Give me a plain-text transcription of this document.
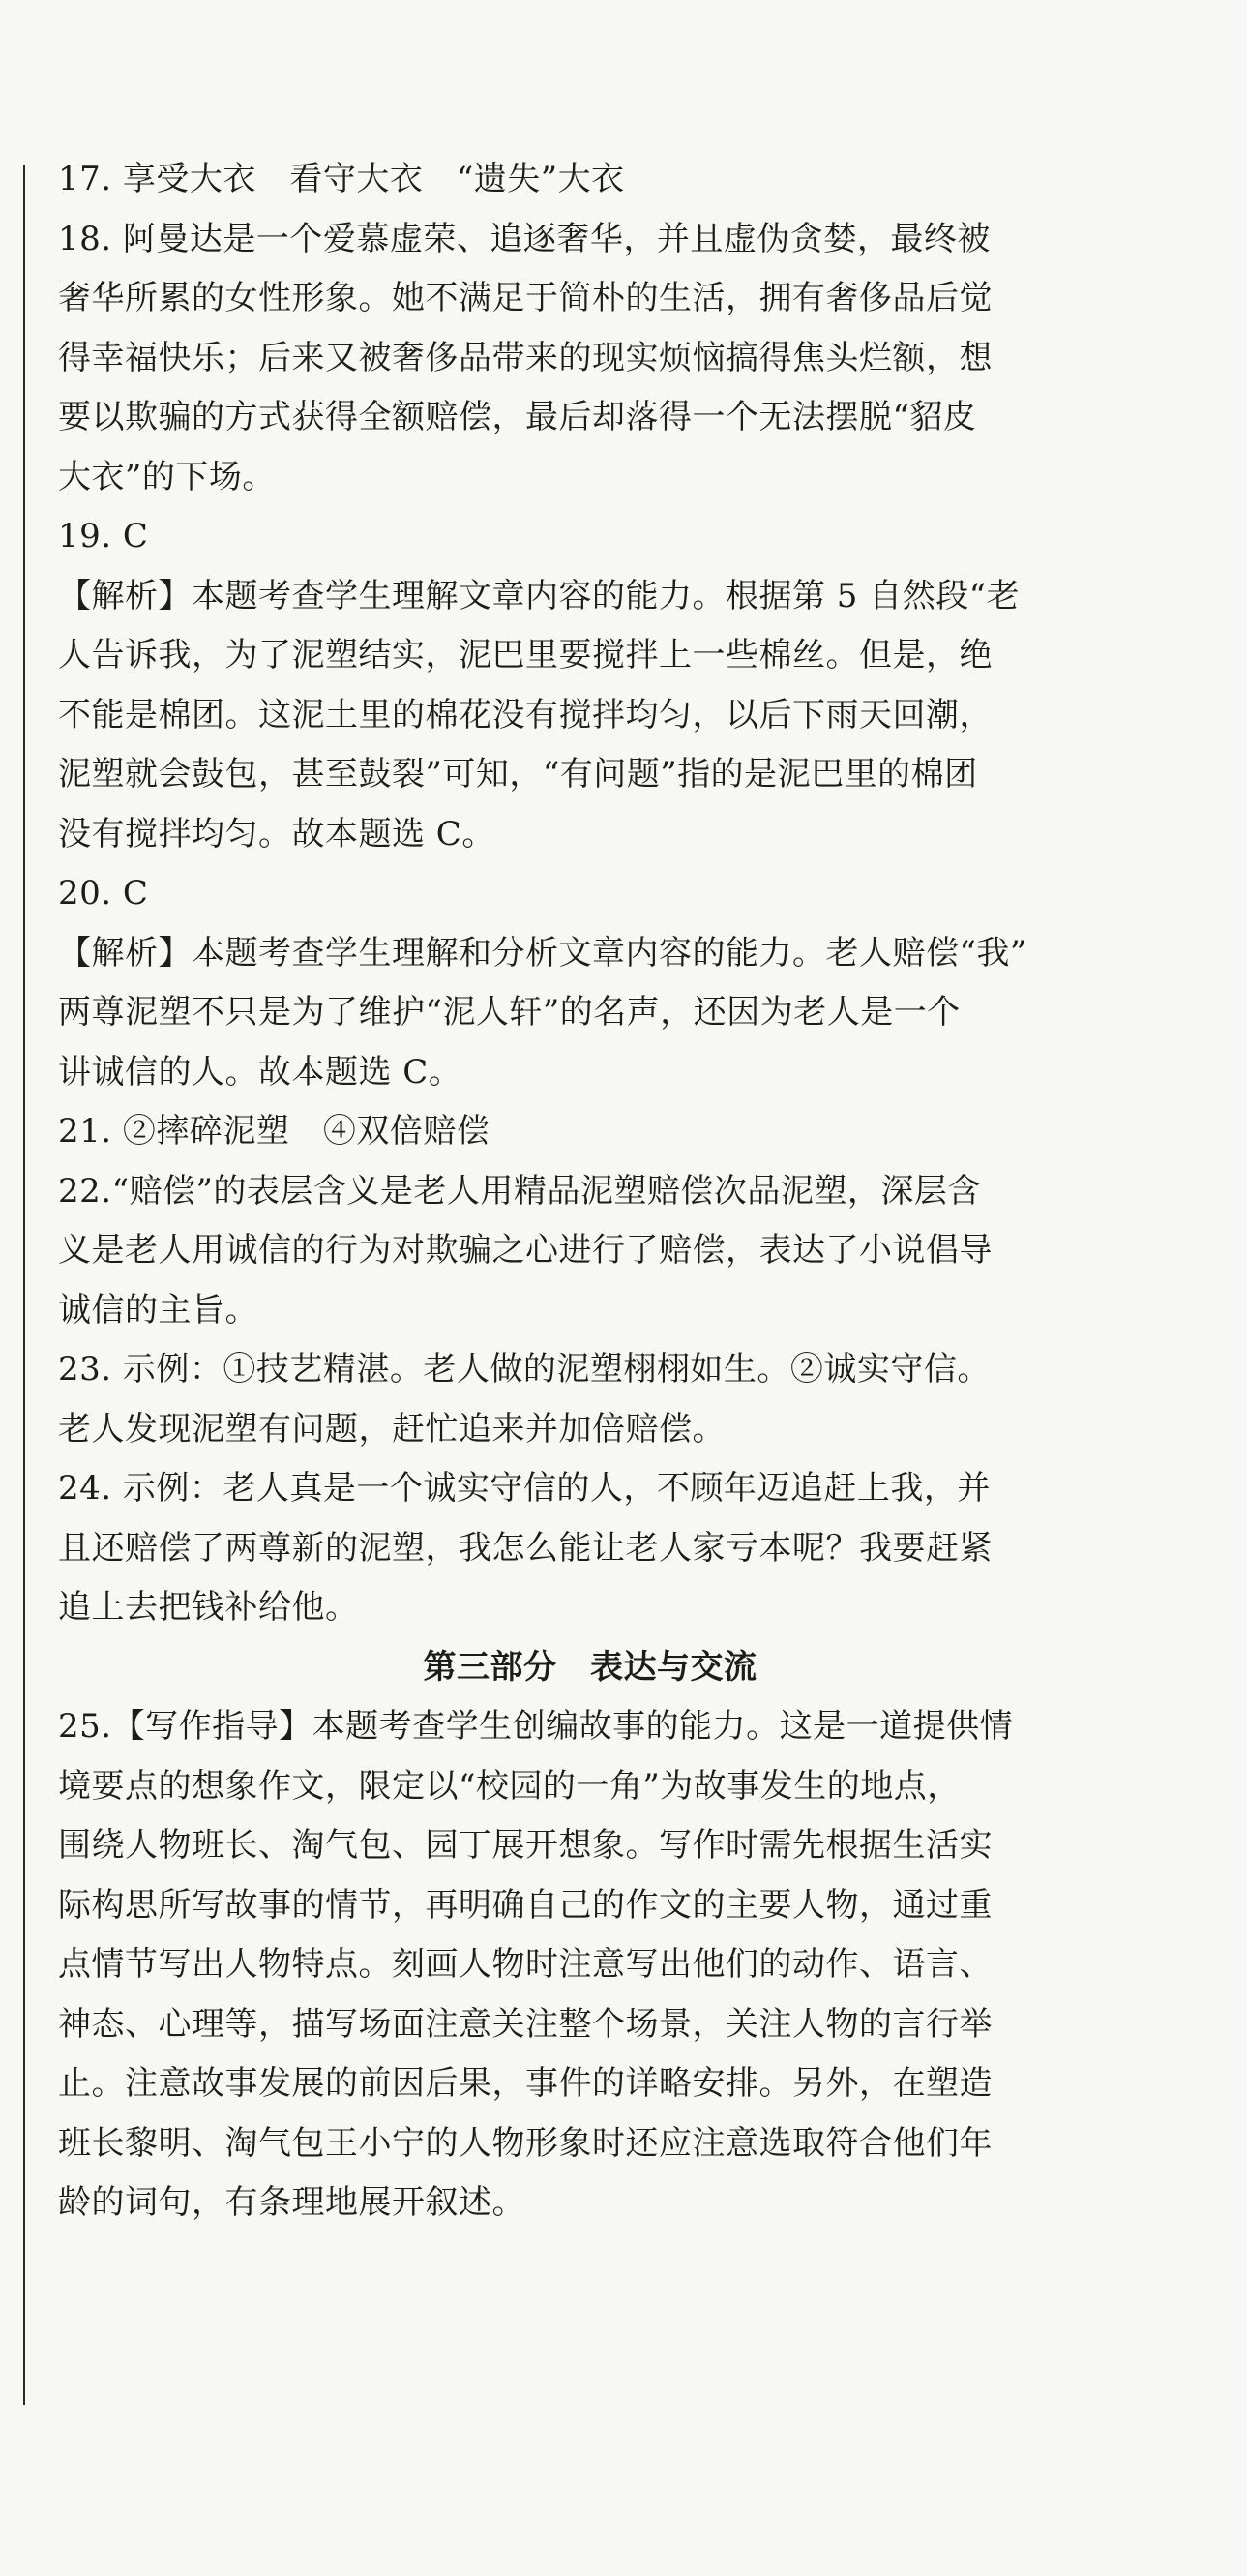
17. 享受大衣　看守大衣　“遗失”大衣
18. 阿曼达是一个爱慕虚荣、追逐奢华，并且虚伪贪婪，最终被
奢华所累的女性形象。她不满足于简朴的生活，拥有奢侈品后觉
得幸福快乐；后来又被奢侈品带来的现实烦恼搞得焦头烂额，想
要以欺骗的方式获得全额赔偿，最后却落得一个无法摆脱“貂皮
大衣”的下场。
19. C
【解析】本题考查学生理解文章内容的能力。根据第 5 自然段“老
人告诉我，为了泥塑结实，泥巴里要搅拌上一些棉丝。但是，绝
不能是棉团。这泥土里的棉花没有搅拌均匀，以后下雨天回潮，
泥塑就会鼓包，甚至鼓裂”可知，“有问题”指的是泥巴里的棉团
没有搅拌均匀。故本题选 C。
20. C
【解析】本题考查学生理解和分析文章内容的能力。老人赔偿“我”
两尊泥塑不只是为了维护“泥人轩”的名声，还因为老人是一个
讲诚信的人。故本题选 C。
21. ②摔碎泥塑　④双倍赔偿
22.“赔偿”的表层含义是老人用精品泥塑赔偿次品泥塑，深层含
义是老人用诚信的行为对欺骗之心进行了赔偿，表达了小说倡导
诚信的主旨。
23. 示例：①技艺精湛。老人做的泥塑栩栩如生。②诚实守信。
老人发现泥塑有问题，赶忙追来并加倍赔偿。
24. 示例：老人真是一个诚实守信的人，不顾年迈追赶上我，并
且还赔偿了两尊新的泥塑，我怎么能让老人家亏本呢？我要赶紧
追上去把钱补给他。
第三部分　表达与交流
25.【写作指导】本题考查学生创编故事的能力。这是一道提供情
境要点的想象作文，限定以“校园的一角”为故事发生的地点，
围绕人物班长、淘气包、园丁展开想象。写作时需先根据生活实
际构思所写故事的情节，再明确自己的作文的主要人物，通过重
点情节写出人物特点。刻画人物时注意写出他们的动作、语言、
神态、心理等，描写场面注意关注整个场景，关注人物的言行举
止。注意故事发展的前因后果，事件的详略安排。另外，在塑造
班长黎明、淘气包王小宁的人物形象时还应注意选取符合他们年
龄的词句，有条理地展开叙述。
